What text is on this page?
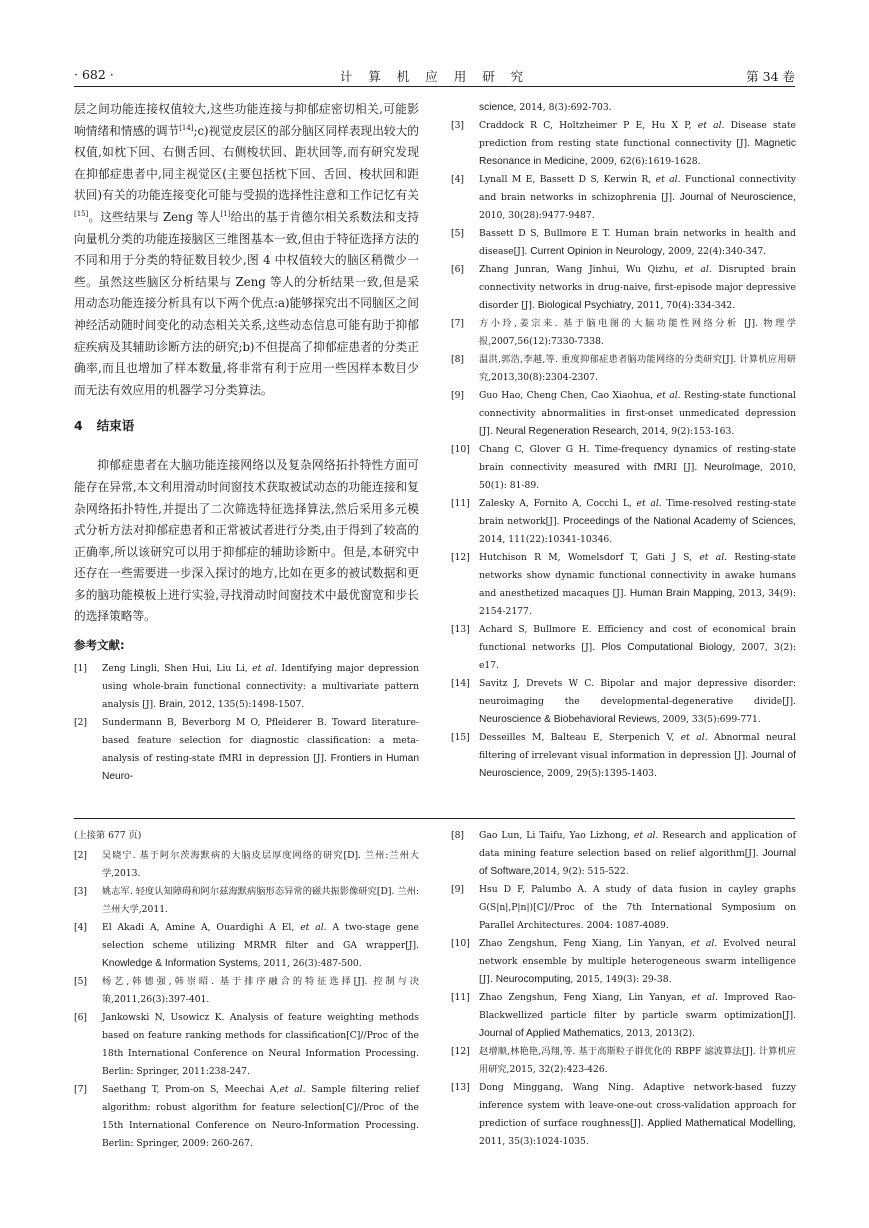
· 682 ·	计 算 机 应 用 研 究	第 34 卷

层之间功能连接权值较大,这些功能连接与抑郁症密切相关,可能影响情绪和情感的调节[14];c)视觉皮层区的部分脑区同样表现出较大的权值,如枕下回、右侧舌回、右侧梭状回、距状回等,而有研究发现在抑郁症患者中,同主视觉区(主要包括枕下回、舌回、梭状回和距状回)有关的功能连接变化可能与受损的选择性注意和工作记忆有关[15]。这些结果与 Zeng 等人[1]给出的基于肯德尔相关系数法和支持向量机分类的功能连接脑区三维图基本一致,但由于特征选择方法的不同和用于分类的特征数目较少,图 4 中权值较大的脑区稍微少一些。虽然这些脑区分析结果与 Zeng 等人的分析结果一致,但是采用动态功能连接分析具有以下两个优点:a)能够探究出不同脑区之间神经活动随时间变化的动态相关关系,这些动态信息可能有助于抑郁症疾病及其辅助诊断方法的研究;b)不但提高了抑郁症患者的分类正确率,而且也增加了样本数量,将非常有利于应用一些因样本数目少而无法有效应用的机器学习分类算法。

4 结束语

抑郁症患者在大脑功能连接网络以及复杂网络拓扑特性方面可能存在异常,本文利用滑动时间窗技术获取被试动态的功能连接和复杂网络拓扑特性,并提出了二次筛选特征选择算法,然后采用多元模式分析方法对抑郁症患者和正常被试者进行分类,由于得到了较高的正确率,所以该研究可以用于抑郁症的辅助诊断中。但是,本研究中还存在一些需要进一步深入探讨的地方,比如在更多的被试数据和更多的脑功能模板上进行实验,寻找滑动时间窗技术中最优窗宽和步长的选择策略等。

参考文献:
[1]	Zeng Lingli, Shen Hui, Liu Li, et al. Identifying major depression using whole-brain functional connectivity: a multivariate pattern analysis [J]. Brain, 2012, 135(5):1498-1507.
[2]	Sundermann B, Beverborg M O, Pfleiderer B. Toward literature-based feature selection for diagnostic classification: a meta-analysis of resting-state fMRI in depression [J]. Frontiers in Human Neuro-
science, 2014, 8(3):692-703.
[3]	Craddock R C, Holtzheimer P E, Hu X P, et al. Disease state prediction from resting state functional connectivity [J]. Magnetic Resonance in Medicine, 2009, 62(6):1619-1628.
[4]	Lynall M E, Bassett D S, Kerwin R, et al. Functional connectivity and brain networks in schizophrenia [J]. Journal of Neuroscience, 2010, 30(28):9477-9487.
[5]	Bassett D S, Bullmore E T. Human brain networks in health and disease[J]. Current Opinion in Neurology, 2009, 22(4):340-347.
[6]	Zhang Junran, Wang Jinhui, Wu Qizhu, et al. Disrupted brain connectivity networks in drug-naive, first-episode major depressive disorder [J]. Biological Psychiatry, 2011, 70(4):334-342.
[7]	方小玲,姜宗来. 基于脑电图的大脑功能性网络分析 [J]. 物理学报,2007,56(12):7330-7338.
[8]	温洪,郭浩,李越,等. 重度抑郁症患者脑功能网络的分类研究[J]. 计算机应用研究,2013,30(8):2304-2307.
[9]	Guo Hao, Cheng Chen, Cao Xiaohua, et al. Resting-state functional connectivity abnormalities in first-onset unmedicated depression [J]. Neural Regeneration Research, 2014, 9(2):153-163.
[10] Chang C, Glover G H. Time-frequency dynamics of resting-state brain connectivity measured with fMRI [J]. NeuroImage, 2010, 50(1): 81-89.
[11] Zalesky A, Fornito A, Cocchi L, et al. Time-resolved resting-state brain network[J]. Proceedings of the National Academy of Sciences, 2014, 111(22):10341-10346.
[12] Hutchison R M, Womelsdorf T, Gati J S, et al. Resting-state networks show dynamic functional connectivity in awake humans and anesthetized macaques [J]. Human Brain Mapping, 2013, 34(9): 2154-2177.
[13] Achard S, Bullmore E. Efficiency and cost of economical brain functional networks [J]. Plos Computational Biology, 2007, 3(2): e17.
[14] Savitz J, Drevets W C. Bipolar and major depressive disorder: neuroimaging the developmental-degenerative divide[J]. Neuroscience & Biobehavioral Reviews, 2009, 33(5):699-771.
[15] Desseilles M, Balteau E, Sterpenich V, et al. Abnormal neural filtering of irrelevant visual information in depression [J]. Journal of Neuroscience, 2009, 29(5):1395-1403.

(上接第 677 页)

[2]	吴晓宁. 基于阿尔茨海默病的大脑皮层厚度网络的研究[D]. 兰州:兰州大学,2013.
[3]	姚志军. 轻度认知障碍和阿尔兹海默病脑形态异常的磁共振影像研究[D]. 兰州:兰州大学,2011.
[4]	El Akadi A, Amine A, Ouardighi A El, et al. A two-stage gene selection scheme utilizing MRMR filter and GA wrapper[J]. Knowledge & Information Systems, 2011, 26(3):487-500.
[5]	杨艺,韩德强,韩崇昭. 基于排序融合的特征选择[J]. 控制与决策,2011,26(3):397-401.
[6]	Jankowski N, Usowicz K. Analysis of feature weighting methods based on feature ranking methods for classification[C]//Proc of the 18th International Conference on Neural Information Processing. Berlin: Springer, 2011:238-247.
[7]	Saethang T, Prom-on S, Meechai A,et al. Sample filtering relief algorithm: robust algorithm for feature selection[C]//Proc of the 15th International Conference on Neuro-Information Processing. Berlin: Springer, 2009: 260-267.
[8]	Gao Lun, Li Taifu, Yao Lizhong, et al. Research and application of data mining feature selection based on relief algorithm[J]. Journal of Software,2014, 9(2): 515-522.
[9]	Hsu D F, Palumbo A. A study of data fusion in cayley graphs G(S|n|,P|n|)[C]//Proc of the 7th International Symposium on Parallel Architectures. 2004: 1087-4089.
[10] Zhao Zengshun, Feng Xiang, Lin Yanyan, et al. Evolved neural network ensemble by multiple heterogeneous swarm intelligence [J]. Neurocomputing, 2015, 149(3): 29-38.
[11] Zhao Zengshun, Feng Xiang, Lin Yanyan, et al. Improved Rao-Blackwellized particle filter by particle swarm optimization[J]. Journal of Applied Mathematics, 2013, 2013(2).
[12] 赵增顺,林艳艳,冯翔,等. 基于高斯粒子群优化的 RBPF 滤波算法[J]. 计算机应用研究,2015, 32(2):423-426.
[13] Dong Minggang, Wang Ning. Adaptive network-based fuzzy inference system with leave-one-out cross-validation approach for prediction of surface roughness[J]. Applied Mathematical Modelling, 2011, 35(3):1024-1035.
